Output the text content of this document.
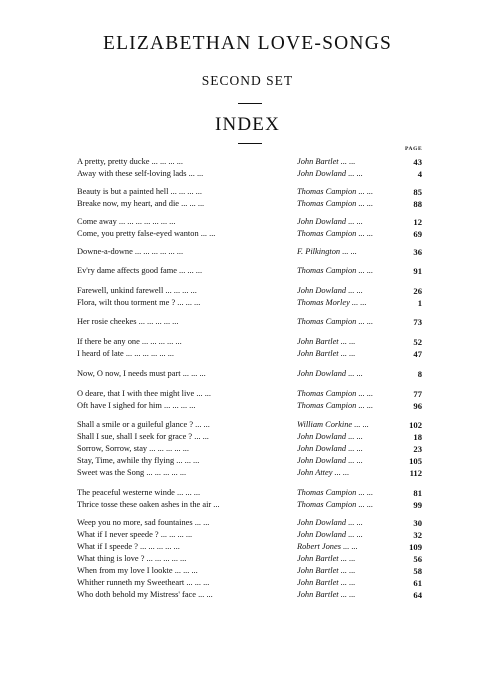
ELIZABETHAN LOVE-SONGS
SECOND SET
INDEX
PAGE
A pretty, pretty ducke ... ... ... ...	John Bartlet ... ...	43
Away with these self-loving lads ... ...	John Dowland ... ...	4
Beauty is but a painted hell ... ... ... ...	Thomas Campion ... ...	85
Breake now, my heart, and die ... ... ...	Thomas Campion ... ...	88
Come away ... ... ... ... ... ... ...	John Dowland ... ...	12
Come, you pretty false-eyed wanton ... ...	Thomas Campion ... ...	69
Downe-a-downe ... ... ... ... ... ...	F. Pilkington ... ...	36
Ev'ry dame affects good fame ... ... ...	Thomas Campion ... ...	91
Farewell, unkind farewell ... ... ... ...	John Dowland ... ...	26
Flora, wilt thou torment me ? ... ... ...	Thomas Morley ... ...	1
Her rosie cheekes ... ... ... ... ...	Thomas Campion ... ...	73
If there be any one ... ... ... ... ...	John Bartlet ... ...	52
I heard of late ... ... ... ... ... ...	John Bartlet ... ...	47
Now, O now, I needs must part ... ... ...	John Dowland ... ...	8
O deare, that I with thee might live ... ...	Thomas Campion ... ...	77
Oft have I sighed for him ... ... ... ...	Thomas Campion ... ...	96
Shall a smile or a guileful glance ? ... ...	William Corkine ... ...	102
Shall I sue, shall I seek for grace ? ... ...	John Dowland ... ...	18
Sorrow, Sorrow, stay ... ... ... ... ...	John Dowland ... ...	23
Stay, Time, awhile thy flying ... ... ...	John Dowland ... ...	105
Sweet was the Song ... ... ... ... ...	John Attey ... ...	112
The peaceful westerne winde ... ... ...	Thomas Campion ... ...	81
Thrice tosse these oaken ashes in the air ...	Thomas Campion ... ...	99
Weep you no more, sad fountaines ... ...	John Dowland ... ...	30
What if I never speede ? ... ... ... ...	John Dowland ... ...	32
What if I speede ? ... ... ... ... ...	Robert Jones ... ...	109
What thing is love ? ... ... ... ... ...	John Bartlet ... ...	56
When from my love I lookte ... ... ...	John Bartlet ... ...	58
Whither runneth my Sweetheart ... ... ...	John Bartlet ... ...	61
Who doth behold my Mistress' face ... ...	John Bartlet ... ...	64
